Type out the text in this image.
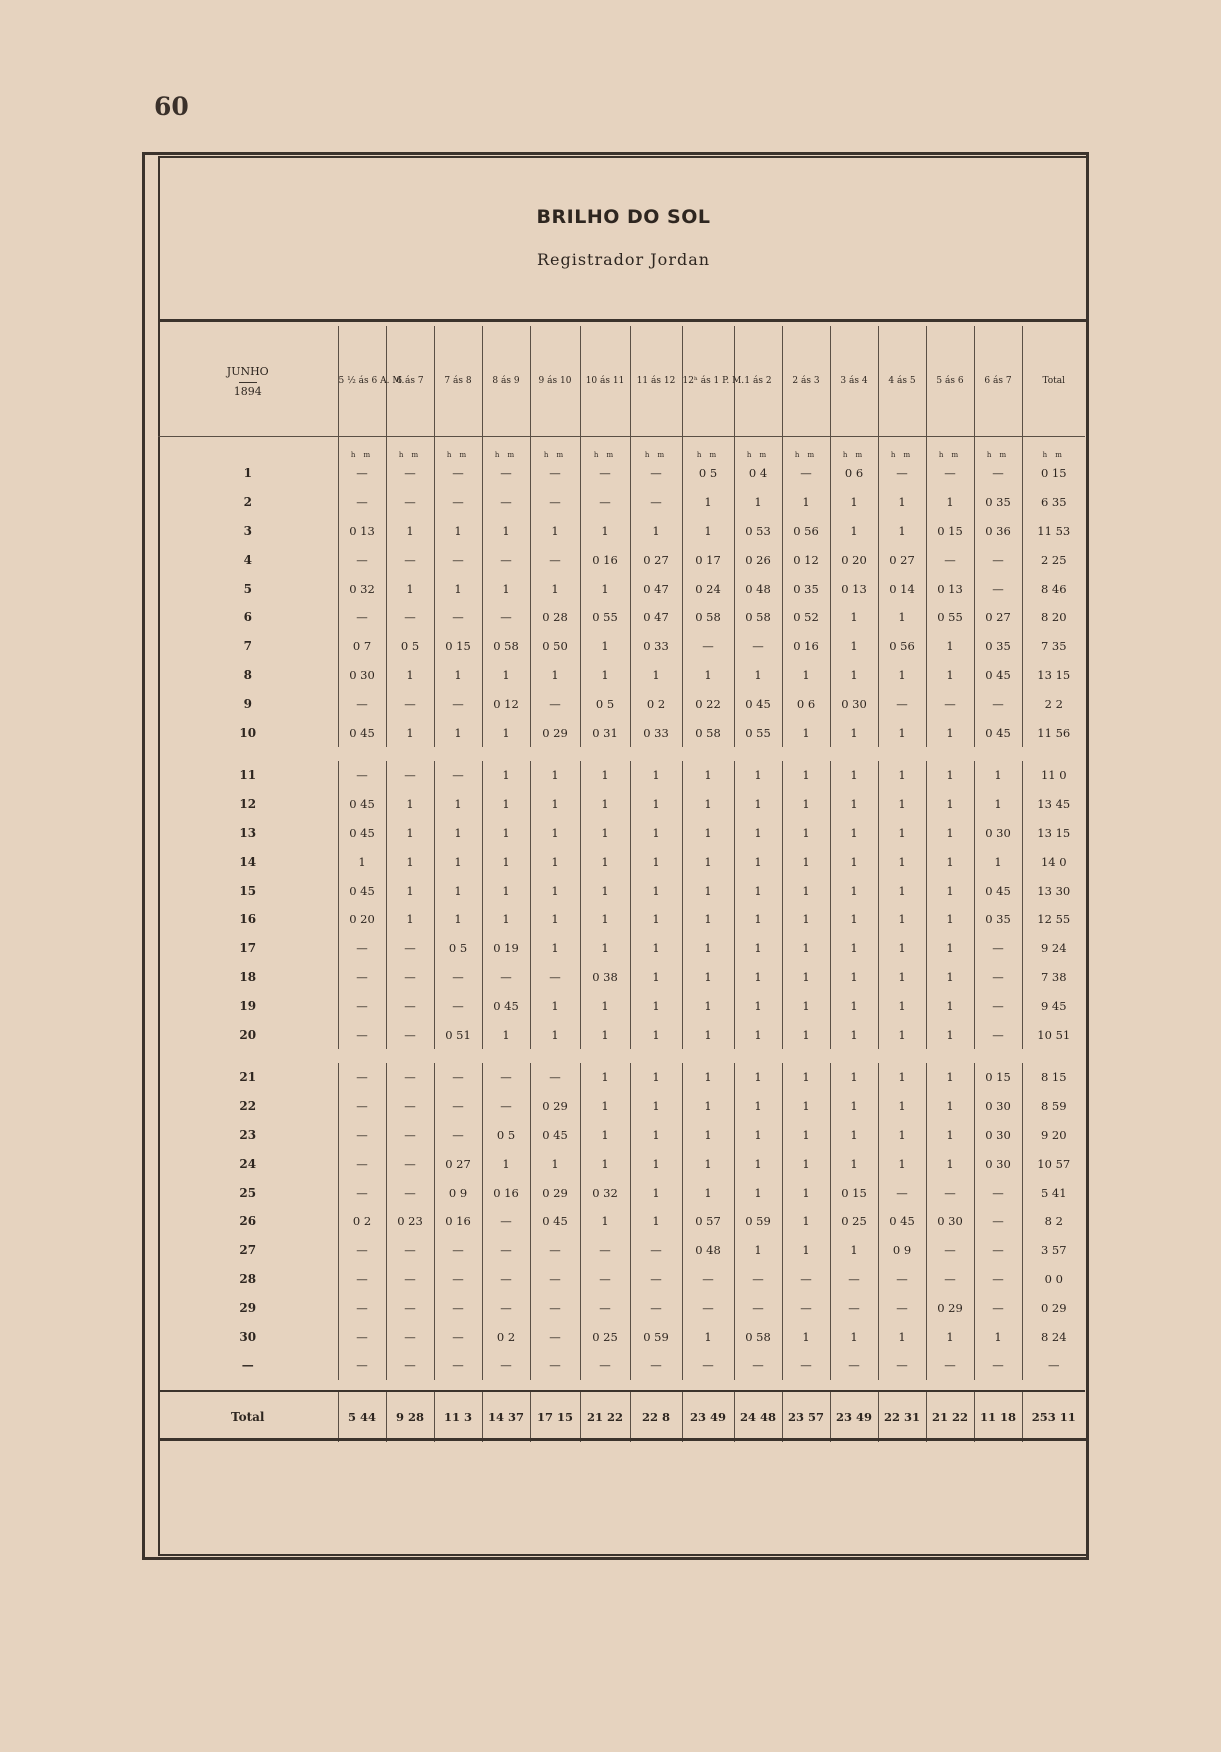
60
BRILHO DO SOL
Registrador Jordan
JUNHO
1894	5 ½ ás 6 A. M.	6 ás 7	7 ás 8	8 ás 9	9 ás 10	10 ás 11	11 ás 12	12ʰ ás 1 P. M.	1 ás 2	2 ás 3	3 ás 4	4 ás 5	5 ás 6	6 ás 7	Total
	h m	h m	h m	h m	h m	h m	h m	h m	h m	h m	h m	h m	h m	h m	h m
1	—	—	—	—	—	—	—	0 5	0 4	—	0 6	—	—	—	0 15
2	—	—	—	—	—	—	—	1	1	1	1	1	1	0 35	6 35
3	0 13	1	1	1	1	1	1	1	0 53	0 56	1	1	0 15	0 36	11 53
4	—	—	—	—	—	0 16	0 27	0 17	0 26	0 12	0 20	0 27	—	—	2 25
5	0 32	1	1	1	1	1	0 47	0 24	0 48	0 35	0 13	0 14	0 13	—	8 46
6	—	—	—	—	0 28	0 55	0 47	0 58	0 58	0 52	1	1	0 55	0 27	8 20
7	0 7	0 5	0 15	0 58	0 50	1	0 33	—	—	0 16	1	0 56	1	0 35	7 35
8	0 30	1	1	1	1	1	1	1	1	1	1	1	1	0 45	13 15
9	—	—	—	0 12	—	0 5	0 2	0 22	0 45	0 6	0 30	—	—	—	2 2
10	0 45	1	1	1	0 29	0 31	0 33	0 58	0 55	1	1	1	1	0 45	11 56

11	—	—	—	1	1	1	1	1	1	1	1	1	1	1	11 0
12	0 45	1	1	1	1	1	1	1	1	1	1	1	1	1	13 45
13	0 45	1	1	1	1	1	1	1	1	1	1	1	1	0 30	13 15
14	1	1	1	1	1	1	1	1	1	1	1	1	1	1	14 0
15	0 45	1	1	1	1	1	1	1	1	1	1	1	1	0 45	13 30
16	0 20	1	1	1	1	1	1	1	1	1	1	1	1	0 35	12 55
17	—	—	0 5	0 19	1	1	1	1	1	1	1	1	1	—	9 24
18	—	—	—	—	—	0 38	1	1	1	1	1	1	1	—	7 38
19	—	—	—	0 45	1	1	1	1	1	1	1	1	1	—	9 45
20	—	—	0 51	1	1	1	1	1	1	1	1	1	1	—	10 51

21	—	—	—	—	—	1	1	1	1	1	1	1	1	0 15	8 15
22	—	—	—	—	0 29	1	1	1	1	1	1	1	1	0 30	8 59
23	—	—	—	0 5	0 45	1	1	1	1	1	1	1	1	0 30	9 20
24	—	—	0 27	1	1	1	1	1	1	1	1	1	1	0 30	10 57
25	—	—	0 9	0 16	0 29	0 32	1	1	1	1	0 15	—	—	—	5 41
26	0 2	0 23	0 16	—	0 45	1	1	0 57	0 59	1	0 25	0 45	0 30	—	8 2
27	—	—	—	—	—	—	—	0 48	1	1	1	0 9	—	—	3 57
28	—	—	—	—	—	—	—	—	—	—	—	—	—	—	0 0
29	—	—	—	—	—	—	—	—	—	—	—	—	0 29	—	0 29
30	—	—	—	0 2	—	0 25	0 59	1	0 58	1	1	1	1	1	8 24
—	—	—	—	—	—	—	—	—	—	—	—	—	—	—	—

Total	5 44	9 28	11 3	14 37	17 15	21 22	22 8	23 49	24 48	23 57	23 49	22 31	21 22	11 18	253 11
